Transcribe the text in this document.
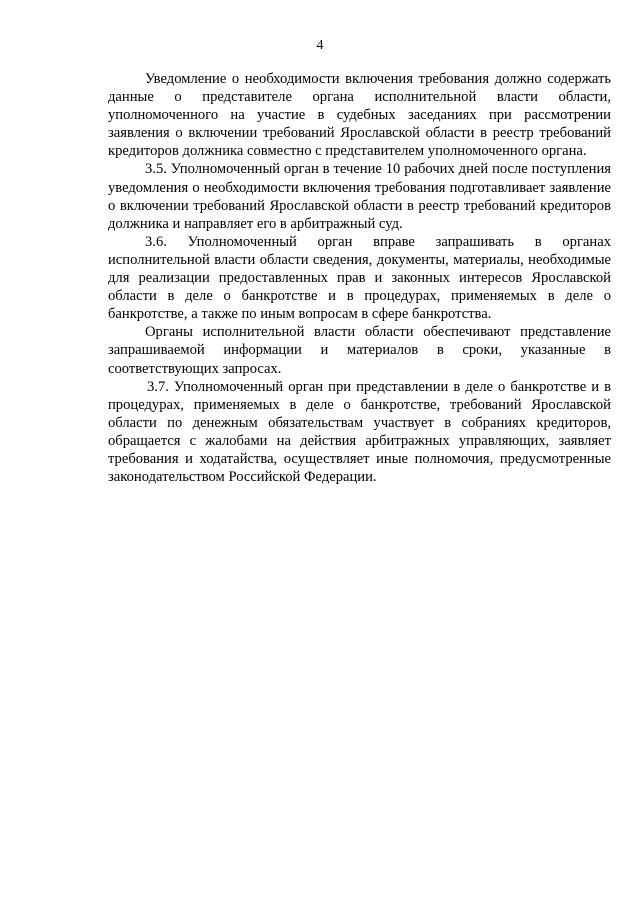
4

Уведомление о необходимости включения требования должно содержать данные о представителе органа исполнительной власти области, уполномоченного на участие в судебных заседаниях при рассмотрении заявления о включении требований Ярославской области в реестр требований кредиторов должника совместно с представителем уполномоченного органа.

3.5. Уполномоченный орган в течение 10 рабочих дней после поступления уведомления о необходимости включения требования подготавливает заявление о включении требований Ярославской области в реестр требований кредиторов должника и направляет его в арбитражный суд.

3.6. Уполномоченный орган вправе запрашивать в органах исполнительной власти области сведения, документы, материалы, необходимые для реализации предоставленных прав и законных интересов Ярославской области в деле о банкротстве и в процедурах, применяемых в деле о банкротстве, а также по иным вопросам в сфере банкротства.

Органы исполнительной власти области обеспечивают представление запрашиваемой информации и материалов в сроки, указанные в соответствующих запросах.

3.7. Уполномоченный орган при представлении в деле о банкротстве и в процедурах, применяемых в деле о банкротстве, требований Ярославской области по денежным обязательствам участвует в собраниях кредиторов, обращается с жалобами на действия арбитражных управляющих, заявляет требования и ходатайства, осуществляет иные полномочия, предусмотренные законодательством Российской Федерации.
